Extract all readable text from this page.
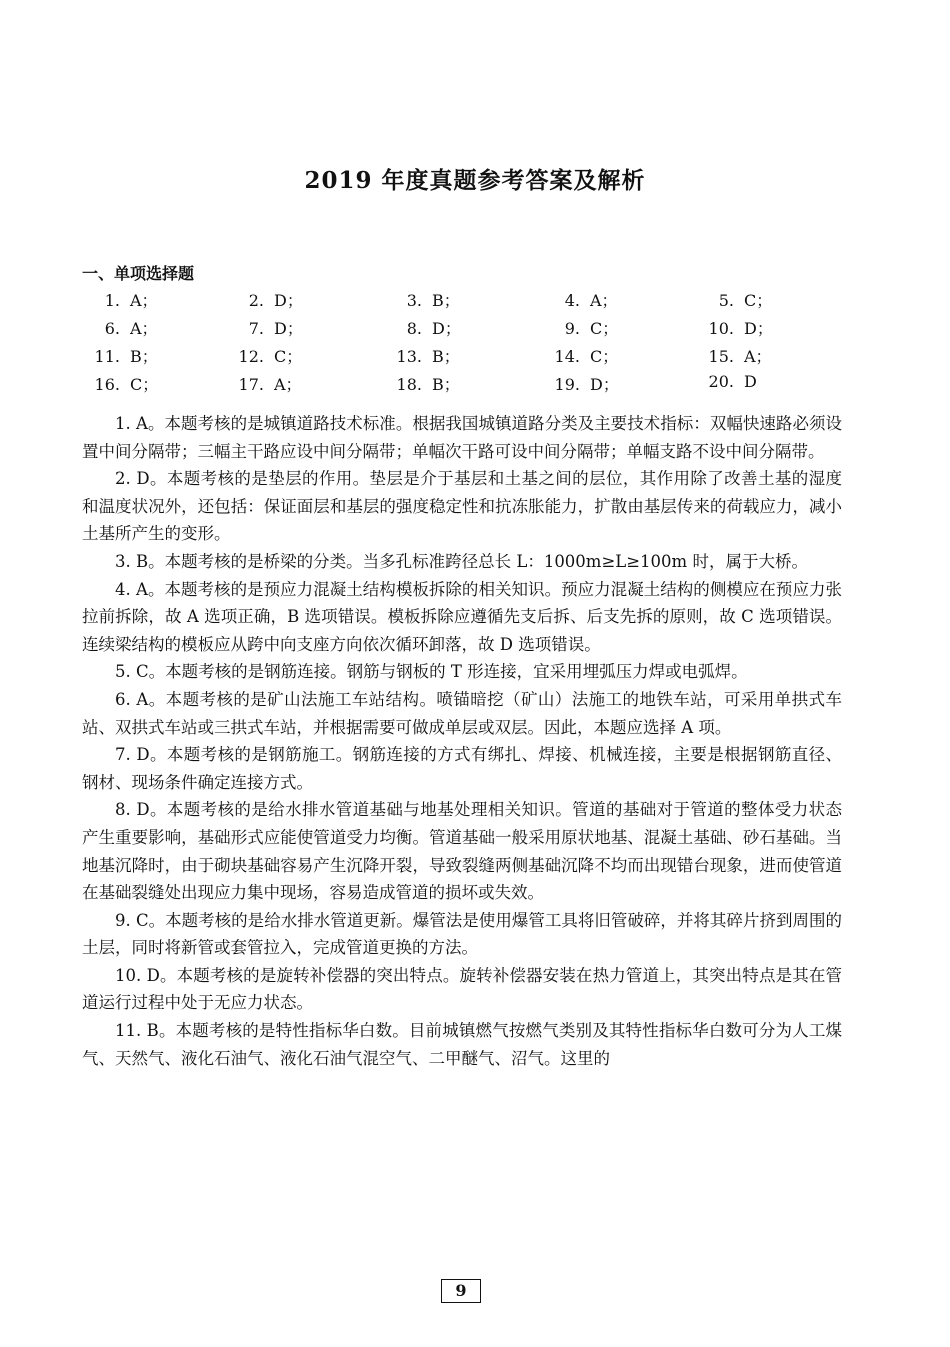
2019 年度真题参考答案及解析
一、单项选择题
1. A；	2. D；	3. B；	4. A；	5. C；
6. A；	7. D；	8. D；	9. C；	10. D；
11. B；	12. C；	13. B；	14. C；	15. A；
16. C；	17. A；	18. B；	19. D；	20. D

1. A。本题考核的是城镇道路技术标准。根据我国城镇道路分类及主要技术指标：双幅快速路必须设置中间分隔带；三幅主干路应设中间分隔带；单幅次干路可设中间分隔带；单幅支路不设中间分隔带。

2. D。本题考核的是垫层的作用。垫层是介于基层和土基之间的层位，其作用除了改善土基的湿度和温度状况外，还包括：保证面层和基层的强度稳定性和抗冻胀能力，扩散由基层传来的荷载应力，减小土基所产生的变形。

3. B。本题考核的是桥梁的分类。当多孔标准跨径总长 L：1000m≥L≥100m 时，属于大桥。

4. A。本题考核的是预应力混凝土结构模板拆除的相关知识。预应力混凝土结构的侧模应在预应力张拉前拆除，故 A 选项正确，B 选项错误。模板拆除应遵循先支后拆、后支先拆的原则，故 C 选项错误。连续梁结构的模板应从跨中向支座方向依次循环卸落，故 D 选项错误。

5. C。本题考核的是钢筋连接。钢筋与钢板的 T 形连接，宜采用埋弧压力焊或电弧焊。

6. A。本题考核的是矿山法施工车站结构。喷锚暗挖（矿山）法施工的地铁车站，可采用单拱式车站、双拱式车站或三拱式车站，并根据需要可做成单层或双层。因此，本题应选择 A 项。

7. D。本题考核的是钢筋施工。钢筋连接的方式有绑扎、焊接、机械连接，主要是根据钢筋直径、钢材、现场条件确定连接方式。

8. D。本题考核的是给水排水管道基础与地基处理相关知识。管道的基础对于管道的整体受力状态产生重要影响，基础形式应能使管道受力均衡。管道基础一般采用原状地基、混凝土基础、砂石基础。当地基沉降时，由于砌块基础容易产生沉降开裂，导致裂缝两侧基础沉降不均而出现错台现象，进而使管道在基础裂缝处出现应力集中现场，容易造成管道的损坏或失效。

9. C。本题考核的是给水排水管道更新。爆管法是使用爆管工具将旧管破碎，并将其碎片挤到周围的土层，同时将新管或套管拉入，完成管道更换的方法。

10. D。本题考核的是旋转补偿器的突出特点。旋转补偿器安装在热力管道上，其突出特点是其在管道运行过程中处于无应力状态。

11. B。本题考核的是特性指标华白数。目前城镇燃气按燃气类别及其特性指标华白数可分为人工煤气、天然气、液化石油气、液化石油气混空气、二甲醚气、沼气。这里的

9
